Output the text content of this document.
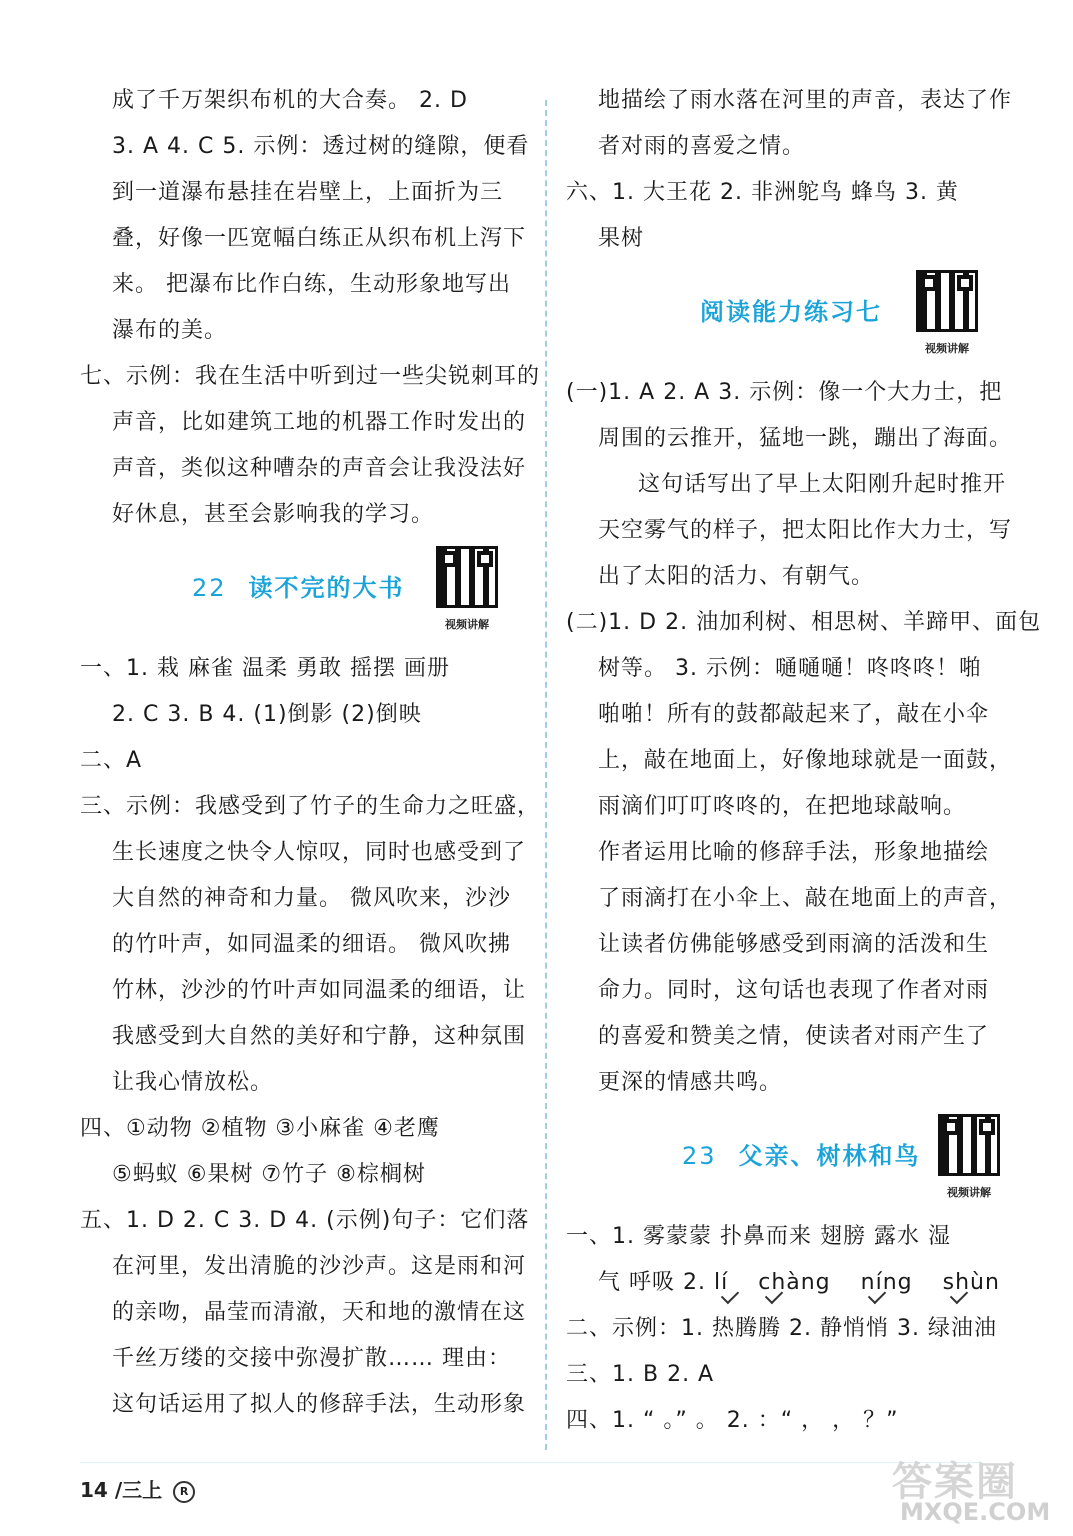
成了千万架织布机的大合奏。 2. D
3. A 4. C 5. 示例：透过树的缝隙，便看
到一道瀑布悬挂在岩壁上，上面折为三
叠，好像一匹宽幅白练正从织布机上泻下
来。 把瀑布比作白练，生动形象地写出
瀑布的美。
七、示例：我在生活中听到过一些尖锐刺耳的
声音，比如建筑工地的机器工作时发出的
声音，类似这种嘈杂的声音会让我没法好
好休息，甚至会影响我的学习。
22 读不完的大书
视频讲解
一、1. 栽 麻雀 温柔 勇敢 摇摆 画册
2. C 3. B 4. (1)倒影 (2)倒映
二、A
三、示例：我感受到了竹子的生命力之旺盛，
生长速度之快令人惊叹，同时也感受到了
大自然的神奇和力量。 微风吹来，沙沙
的竹叶声，如同温柔的细语。 微风吹拂
竹林，沙沙的竹叶声如同温柔的细语，让
我感受到大自然的美好和宁静，这种氛围
让我心情放松。
四、①动物 ②植物 ③小麻雀 ④老鹰
⑤蚂蚁 ⑥果树 ⑦竹子 ⑧棕榈树
五、1. D 2. C 3. D 4. (示例)句子：它们落
在河里，发出清脆的沙沙声。这是雨和河
的亲吻，晶莹而清澈，天和地的激情在这
千丝万缕的交接中弥漫扩散…… 理由：
这句话运用了拟人的修辞手法，生动形象
地描绘了雨水落在河里的声音，表达了作
者对雨的喜爱之情。
六、1. 大王花 2. 非洲鸵鸟 蜂鸟 3. 黄
果树
阅读能力练习七
视频讲解
(一)1. A 2. A 3. 示例：像一个大力士，把
周围的云推开，猛地一跳，蹦出了海面。
这句话写出了早上太阳刚升起时推开
天空雾气的样子，把太阳比作大力士，写
出了太阳的活力、有朝气。
(二)1. D 2. 油加利树、相思树、羊蹄甲、面包
树等。 3. 示例：嗵嗵嗵！咚咚咚！啪
啪啪！所有的鼓都敲起来了，敲在小伞
上，敲在地面上，好像地球就是一面鼓，
雨滴们叮叮咚咚的，在把地球敲响。
作者运用比喻的修辞手法，形象地描绘
了雨滴打在小伞上、敲在地面上的声音，
让读者仿佛能够感受到雨滴的活泼和生
命力。同时，这句话也表现了作者对雨
的喜爱和赞美之情，使读者对雨产生了
更深的情感共鸣。
23 父亲、树林和鸟
视频讲解
一、1. 雾蒙蒙 扑鼻而来 翅膀 露水 湿
气 呼吸 2. lí chàng níng shùn
二、示例：1. 热腾腾 2. 静悄悄 3. 绿油油
三、1. B 2. A
四、1. “ 。” 。 2. ：“ ， ， ？”
14 /三上 R	答案圈
MXQE.COM
